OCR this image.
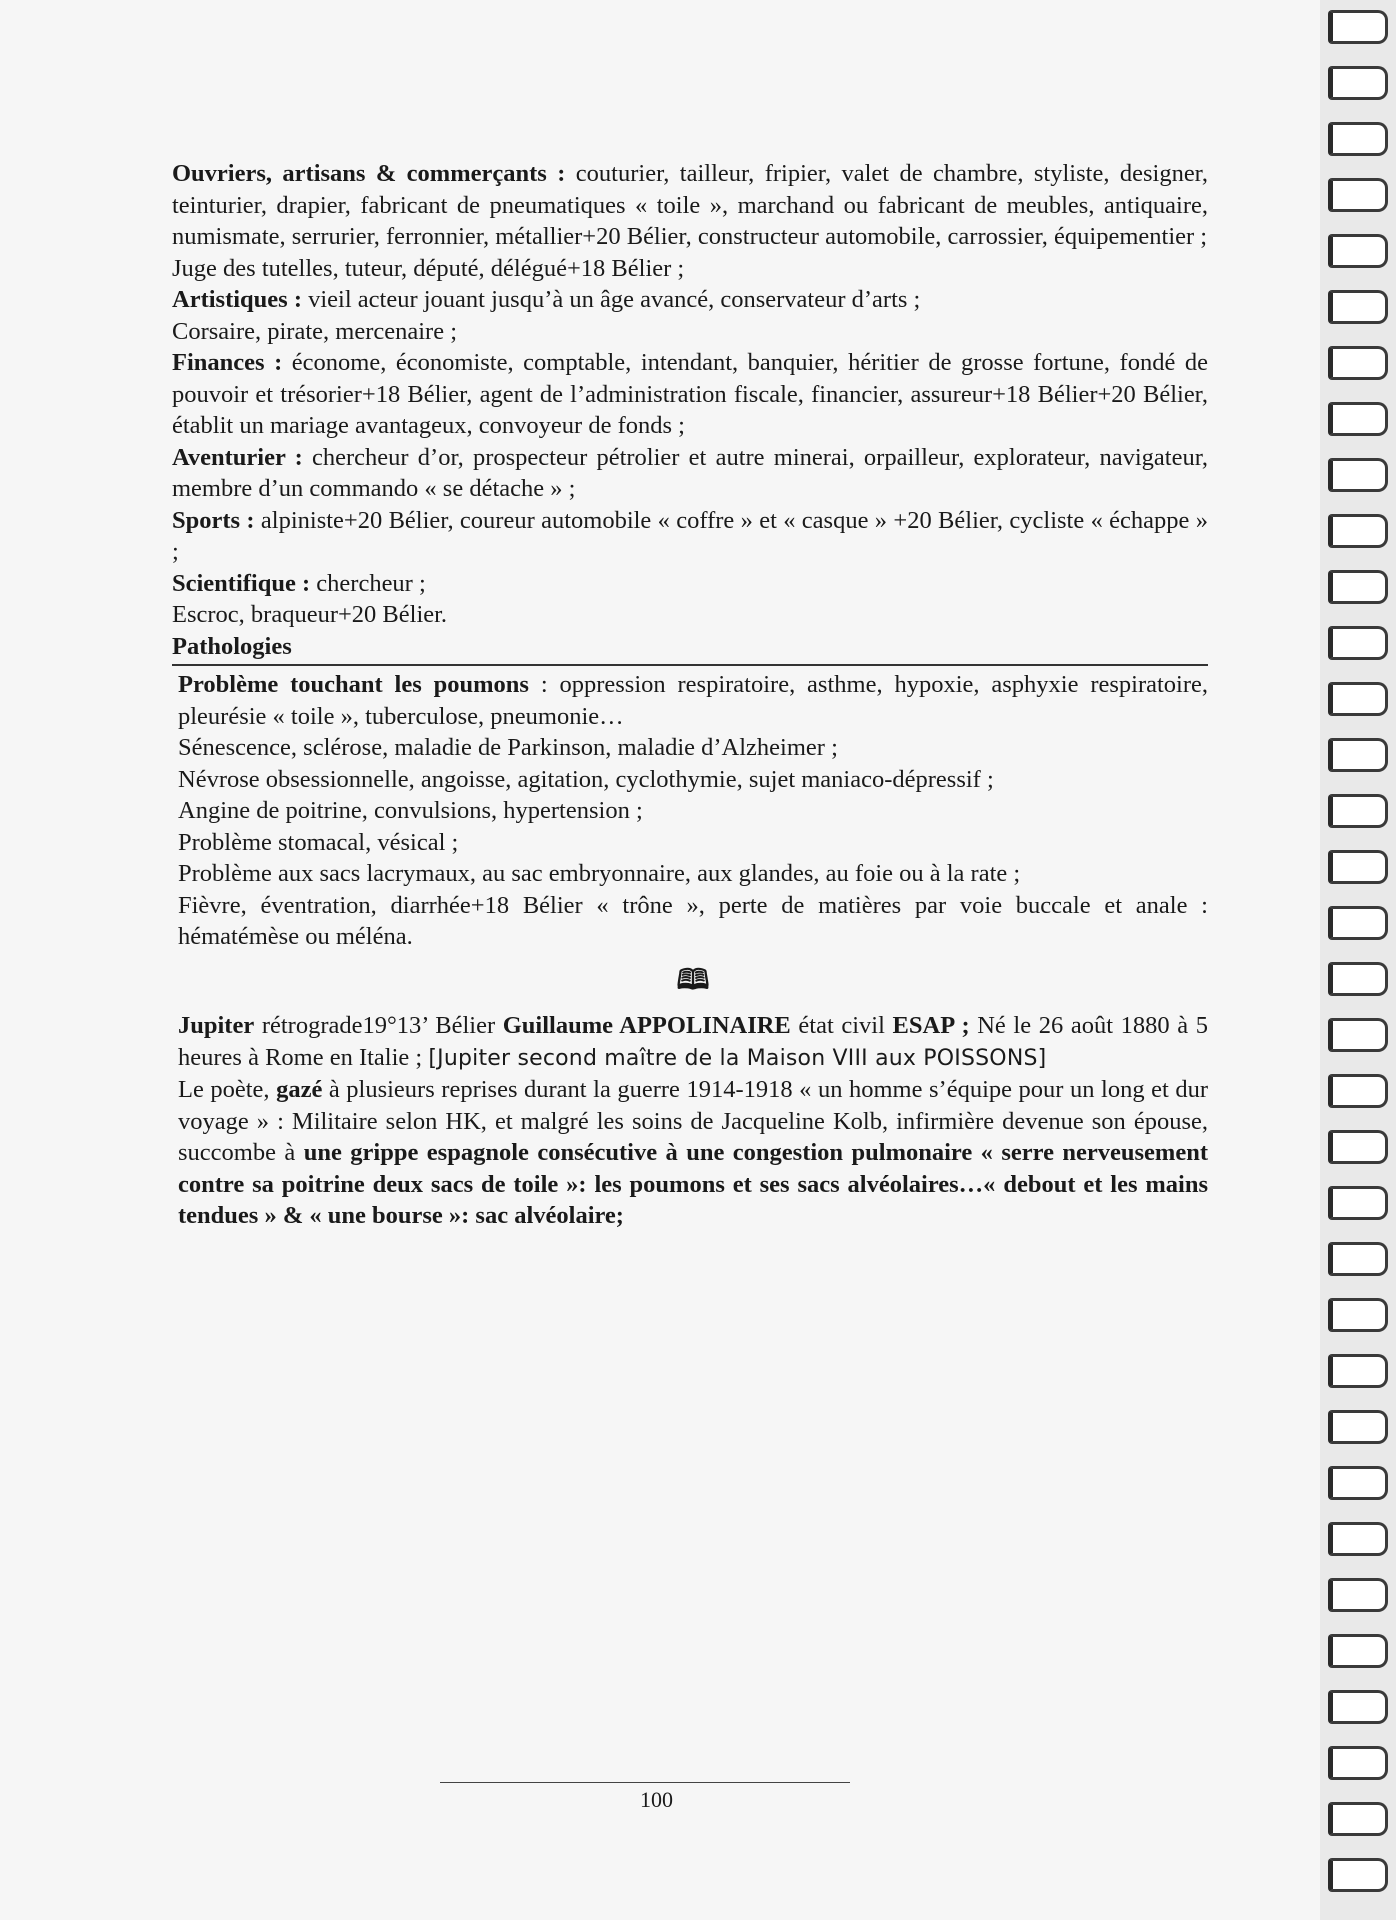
Ouvriers, artisans & commerçants : couturier, tailleur, fripier, valet de chambre, styliste, designer, teinturier, drapier, fabricant de pneumatiques « toile », marchand ou fabricant de meubles, antiquaire, numismate, serrurier, ferronnier, métallier+20 Bélier, constructeur automobile, carrossier, équipementier ;

Juge des tutelles, tuteur, député, délégué+18 Bélier ;

Artistiques : vieil acteur jouant jusqu’à un âge avancé, conservateur d’arts ;

Corsaire, pirate, mercenaire ;

Finances : économe, économiste, comptable, intendant, banquier, héritier de grosse fortune, fondé de pouvoir et trésorier+18 Bélier, agent de l’administration fiscale, financier, assureur+18 Bélier+20 Bélier, établit un mariage avantageux, convoyeur de fonds ;

Aventurier : chercheur d’or, prospecteur pétrolier et autre minerai, orpailleur, explorateur, navigateur, membre d’un commando « se détache » ;

Sports : alpiniste+20 Bélier, coureur automobile « coffre » et « casque » +20 Bélier, cycliste « échappe » ;

Scientifique : chercheur ;

Escroc, braqueur+20 Bélier.

Pathologies

Problème touchant les poumons : oppression respiratoire, asthme, hypoxie, asphyxie respiratoire, pleurésie « toile », tuberculose, pneumonie…

Sénescence, sclérose, maladie de Parkinson, maladie d’Alzheimer ;

Névrose obsessionnelle, angoisse, agitation, cyclothymie, sujet maniaco-dépressif ;

Angine de poitrine, convulsions, hypertension ;

Problème stomacal, vésical ;

Problème aux sacs lacrymaux, au sac embryonnaire, aux glandes, au foie ou à la rate ;

Fièvre, éventration, diarrhée+18 Bélier « trône », perte de matières par voie buccale et anale : hématémèse ou méléna.

🕮

Jupiter rétrograde19°13’ Bélier Guillaume APPOLINAIRE état civil ESAP ; Né le 26 août 1880 à 5 heures à Rome en Italie ; [Jupiter second maître de la Maison VIII aux POISSONS]

Le poète, gazé à plusieurs reprises durant la guerre 1914-1918 « un homme s’équipe pour un long et dur voyage » : Militaire selon HK, et malgré les soins de Jacqueline Kolb, infirmière devenue son épouse, succombe à une grippe espagnole consécutive à une congestion pulmonaire « serre nerveusement contre sa poitrine deux sacs de toile »: les poumons et ses sacs alvéolaires…« debout et les mains tendues » & « une bourse »: sac alvéolaire;

100
